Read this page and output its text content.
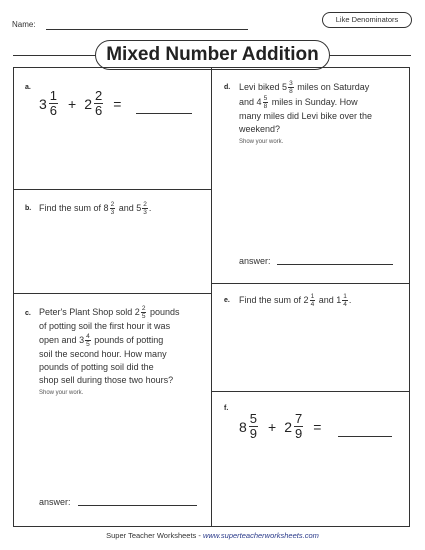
Name:
Like Denominators
Mixed Number Addition
a.
$3 \frac{1}{6} + 2 \frac{2}{6}$ =
b. Find the sum of $8 \frac{2}{3}$ and $5 \frac{2}{3}$ .
c. Peter's Plant Shop sold $2 \frac{2}{5}$ pounds
of potting soil the first hour it was
open and $3 \frac{4}{5}$ pounds of potting
soil the second hour. How many
pounds of potting soil did the
shop sell during those two hours?
Show your work.
answer:
d. Levi biked $5 \frac{3}{8}$ miles on Saturday
and $4 \frac{5}{8}$ miles in Sunday. How
many miles did Levi bike over the
weekend?
Show your work.
answer:
e. Find the sum of $2 \frac{1}{4}$ and $1 \frac{1}{4}$ .
f.
$8 \frac{5}{9} + 2 \frac{7}{9}$ =
Super Teacher Worksheets - www.superteacherworksheets.com
